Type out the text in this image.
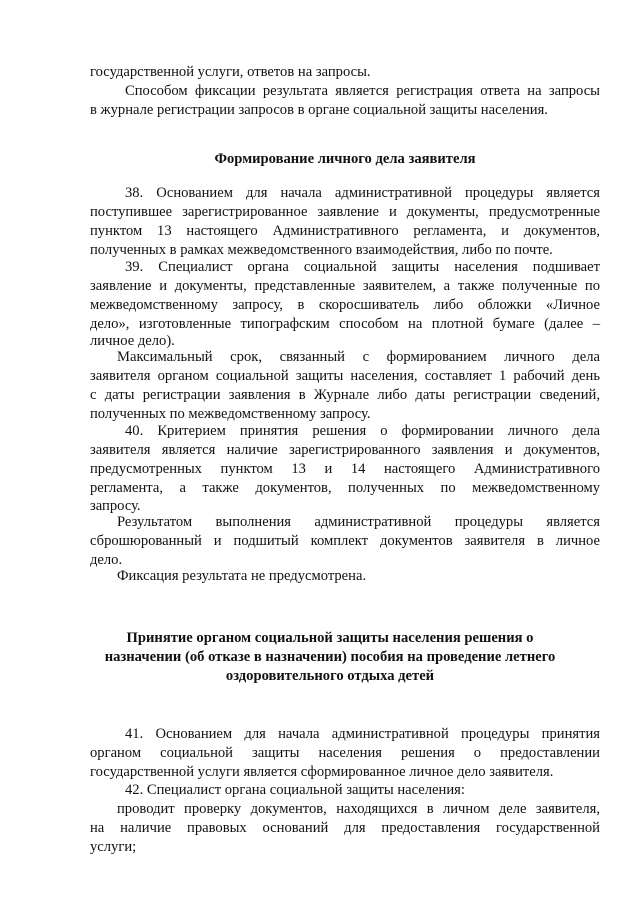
государственной услуги, ответов на запросы.
Способом фиксации результата является регистрация ответа на запросы
в журнале регистрации запросов в органе социальной защиты населения.
Формирование личного дела заявителя
38. Основанием для начала административной процедуры является
поступившее зарегистрированное заявление и документы, предусмотренные
пунктом 13 настоящего Административного регламента, и документов,
полученных в рамках межведомственного взаимодействия, либо по почте.
39. Специалист органа социальной защиты населения подшивает
заявление и документы, представленные заявителем, а также полученные по
межведомственному запросу, в скоросшиватель либо обложки «Личное
дело», изготовленные типографским способом на плотной бумаге (далее –
личное дело).
Максимальный срок, связанный с формированием личного дела
заявителя органом социальной защиты населения, составляет 1 рабочий день
с даты регистрации заявления в Журнале либо даты регистрации сведений,
полученных по межведомственному запросу.
40. Критерием принятия решения о формировании личного дела
заявителя является наличие зарегистрированного заявления и документов,
предусмотренных пунктом 13 и 14 настоящего Административного
регламента, а также документов, полученных по межведомственному
запросу.
Результатом выполнения административной процедуры является
сброшюрованный и подшитый комплект документов заявителя в личное
дело.
Фиксация результата не предусмотрена.
Принятие органом социальной защиты населения решения о
назначении (об отказе в назначении) пособия на проведение летнего
оздоровительного отдыха детей
41. Основанием для начала административной процедуры принятия
органом социальной защиты населения решения о предоставлении
государственной услуги является сформированное личное дело заявителя.
42. Специалист органа социальной защиты населения:
проводит проверку документов, находящихся в личном деле заявителя,
на наличие правовых оснований для предоставления государственной
услуги;
